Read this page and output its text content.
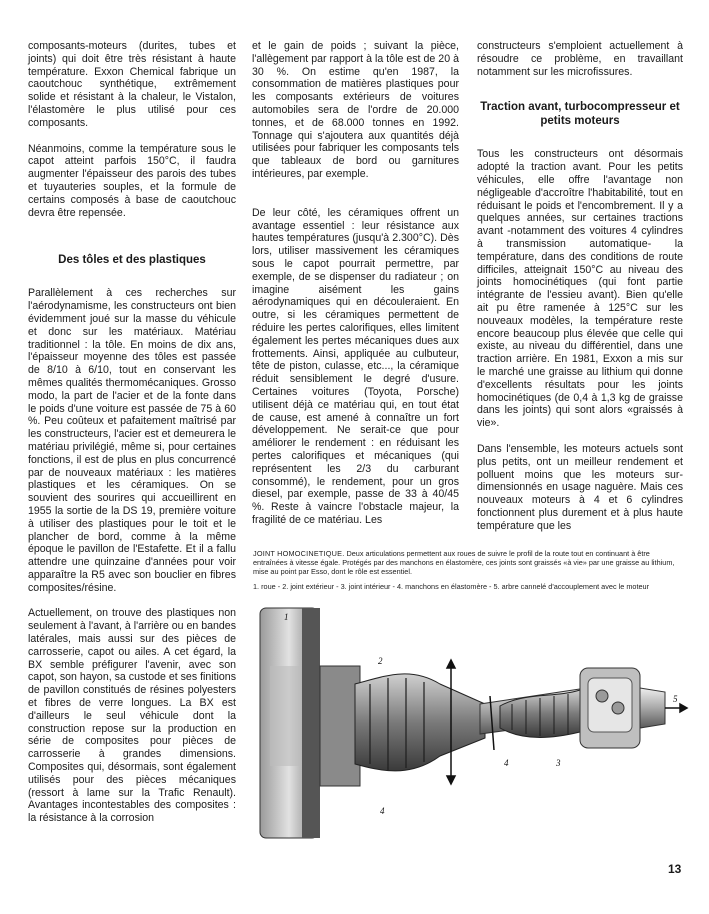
composants-moteurs (durites, tubes et joints) qui doit être très résistant à haute température. Exxon Chemical fabrique un caoutchouc synthétique, extrêmement solide et résistant à la chaleur, le Vistalon, l'élastomère le plus utilisé pour ces composants.

Néanmoins, comme la température sous le capot atteint parfois 150°C, il faudra augmenter l'épaisseur des parois des tubes et tuyauteries souples, et la formule de certains composés à base de caoutchouc devra être repensée.

Des tôles et des plastiques

Parallèlement à ces recherches sur l'aérodynamisme, les constructeurs ont bien évidemment joué sur la masse du véhicule et donc sur les matériaux. Matériau traditionnel : la tôle. En moins de dix ans, l'épaisseur moyenne des tôles est passée de 8/10 à 6/10, tout en conservant les mêmes qualités thermomécaniques. Grosso modo, la part de l'acier et de la fonte dans le poids d'une voiture est passée de 75 à 60 %. Peu coûteux et pafaitement maîtrisé par les constructeurs, l'acier est et demeurera le matériau privilégié, même si, pour certaines fonctions, il est de plus en plus concurrencé par de nouveaux matériaux : les matières plastiques et les céramiques. On se souvient des sourires qui accueillirent en 1955 la sortie de la DS 19, première voiture à utiliser des plastiques pour le toit et le plancher de bord, comme à la même époque le pavillon de l'Estafette. Et il a fallu attendre une quinzaine d'années pour voir apparaître la R5 avec son bouclier en fibres composites/résine.

Actuellement, on trouve des plastiques non seulement à l'avant, à l'arrière ou en bandes latérales, mais aussi sur des pièces de carrosserie, capot ou ailes. A cet égard, la BX semble préfigurer l'avenir, avec son capot, son hayon, sa custode et ses finitions de pavillon constitués de résines polyesters et fibres de verre longues. La BX est d'ailleurs le seul véhicule dont la construction repose sur la production en série de composites pour pièces de carrosserie à grandes dimensions. Composites qui, désormais, sont également utilisés pour des pièces mécaniques (ressort à lame sur la Trafic Renault). Avantages incontestables des composites : la résistance à la corrosion

et le gain de poids ; suivant la pièce, l'allègement par rapport à la tôle est de 20 à 30 %. On estime qu'en 1987, la consommation de matières plastiques pour les composants extérieurs de voitures automobiles sera de l'ordre de 20.000 tonnes, et de 68.000 tonnes en 1992. Tonnage qui s'ajoutera aux quantités déjà utilisées pour fabriquer les composants tels que tableaux de bord ou garnitures intérieures, par exemple.

De leur côté, les céramiques offrent un avantage essentiel : leur résistance aux hautes températures (jusqu'à 2.300°C). Dès lors, utiliser massivement les céramiques sous le capot pourrait permettre, par exemple, de se dispenser du radiateur ; on imagine aisément les gains aérodynamiques qui en découleraient. En outre, si les céramiques permettent de réduire les pertes calorifiques, elles limitent également les pertes mécaniques dues aux frottements. Ainsi, appliquée au culbuteur, tête de piston, culasse, etc..., la céramique réduit sensiblement le degré d'usure. Certaines voitures (Toyota, Porsche) utilisent déjà ce matériau qui, en tout état de cause, est amené à connaître un fort développement. Ne serait-ce que pour améliorer le rendement : en réduisant les pertes calorifiques et mécaniques (qui représentent les 2/3 du carburant consommé), le rendement, pour un gros diesel, par exemple, passe de 33 à 40/45 %. Reste à vaincre l'obstacle majeur, la fragilité de ce matériau. Les

constructeurs s'emploient actuellement à résoudre ce problème, en travaillant notamment sur les microfissures.

Traction avant, turbocompresseur et petits moteurs

Tous les constructeurs ont désormais adopté la traction avant. Pour les petits véhicules, elle offre l'avantage non négligeable d'accroître l'habitabilité, tout en réduisant le poids et l'encombrement. Il y a quelques années, sur certaines tractions avant -notamment des voitures 4 cylindres à transmission automatique- la température, dans des conditions de route difficiles, atteignait 150°C au niveau des joints homocinétiques (qui font partie intégrante de l'essieu avant). Bien qu'elle ait pu être ramenée à 125°C sur les nouveaux modèles, la température reste encore beaucoup plus élevée que celle qui existe, au niveau du différentiel, dans une traction arrière. En 1981, Exxon a mis sur le marché une graisse au lithium qui donne d'excellents résultats pour les joints homocinétiques (de 0,4 à 1,3 kg de graisse dans les joints) qui sont alors «graissés à vie».

Dans l'ensemble, les moteurs actuels sont plus petits, ont un meilleur rendement et polluent moins que les moteurs sur-dimensionnés en usage naguère. Mais ces nouveaux moteurs à 4 et 6 cylindres fonctionnent plus durement et à plus haute température que les

JOINT HOMOCINETIQUE. Deux articulations permettent aux roues de suivre le profil de la route tout en continuant à être entraînées à vitesse égale. Protégés par des manchons en élastomère, ces joints sont graissés «à vie» par une graisse au lithium, mise au point par Esso, dont le rôle est essentiel.
1. roue - 2. joint extérieur - 3. joint intérieur - 4. manchons en élastomère - 5. arbre cannelé d'accouplement avec le moteur
1
2
3
4
4
5
13
